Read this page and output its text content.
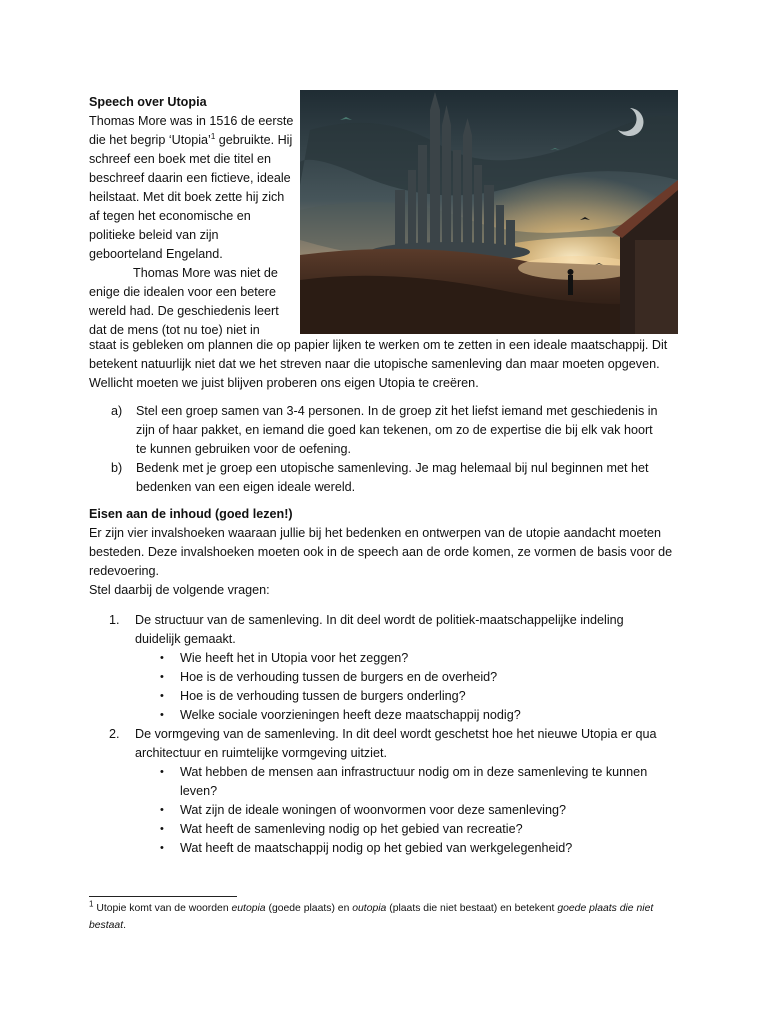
Speech over Utopia

Thomas More was in 1516 de eerste die het begrip ‘Utopia’$^1$ gebruikte. Hij schreef een boek met die titel en beschreef daarin een fictieve, ideale heilstaat. Met dit boek zette hij zich af tegen het economische en politieke beleid van zijn geboorteland Engeland.

Thomas More was niet de enige die idealen voor een betere wereld had. De geschiedenis leert dat de mens (tot nu toe) niet in

staat is gebleken om plannen die op papier lijken te werken om te zetten in een ideale maatschappij. Dit betekent natuurlijk niet dat we het streven naar die utopische samenleving dan maar moeten opgeven. Wellicht moeten we juist blijven proberen ons eigen Utopia te creëren.

a) Stel een groep samen van 3-4 personen. In de groep zit het liefst iemand met geschiedenis in zijn of haar pakket, en iemand die goed kan tekenen, om zo de expertise die bij elk vak hoort te kunnen gebruiken voor de oefening.
b) Bedenk met je groep een utopische samenleving. Je mag helemaal bij nul beginnen met het bedenken van een eigen ideale wereld.

Eisen aan de inhoud (goed lezen!)

Er zijn vier invalshoeken waaraan jullie bij het bedenken en ontwerpen van de utopie aandacht moeten besteden. Deze invalshoeken moeten ook in de speech aan de orde komen, ze vormen de basis voor de redevoering.

Stel daarbij de volgende vragen:

1. De structuur van de samenleving. In dit deel wordt de politiek-maatschappelijke indeling duidelijk gemaakt.
• Wie heeft het in Utopia voor het zeggen?
• Hoe is de verhouding tussen de burgers en de overheid?
• Hoe is de verhouding tussen de burgers onderling?
• Welke sociale voorzieningen heeft deze maatschappij nodig?
2. De vormgeving van de samenleving. In dit deel wordt geschetst hoe het nieuwe Utopia er qua architectuur en ruimtelijke vormgeving uitziet.
• Wat hebben de mensen aan infrastructuur nodig om in deze samenleving te kunnen leven?
• Wat zijn de ideale woningen of woonvormen voor deze samenleving?
• Wat heeft de samenleving nodig op het gebied van recreatie?
• Wat heeft de maatschappij nodig op het gebied van werkgelegenheid?
$^1$ Utopie komt van de woorden eutopia (goede plaats) en outopia (plaats die niet bestaat) en betekent goede plaats die niet bestaat.
